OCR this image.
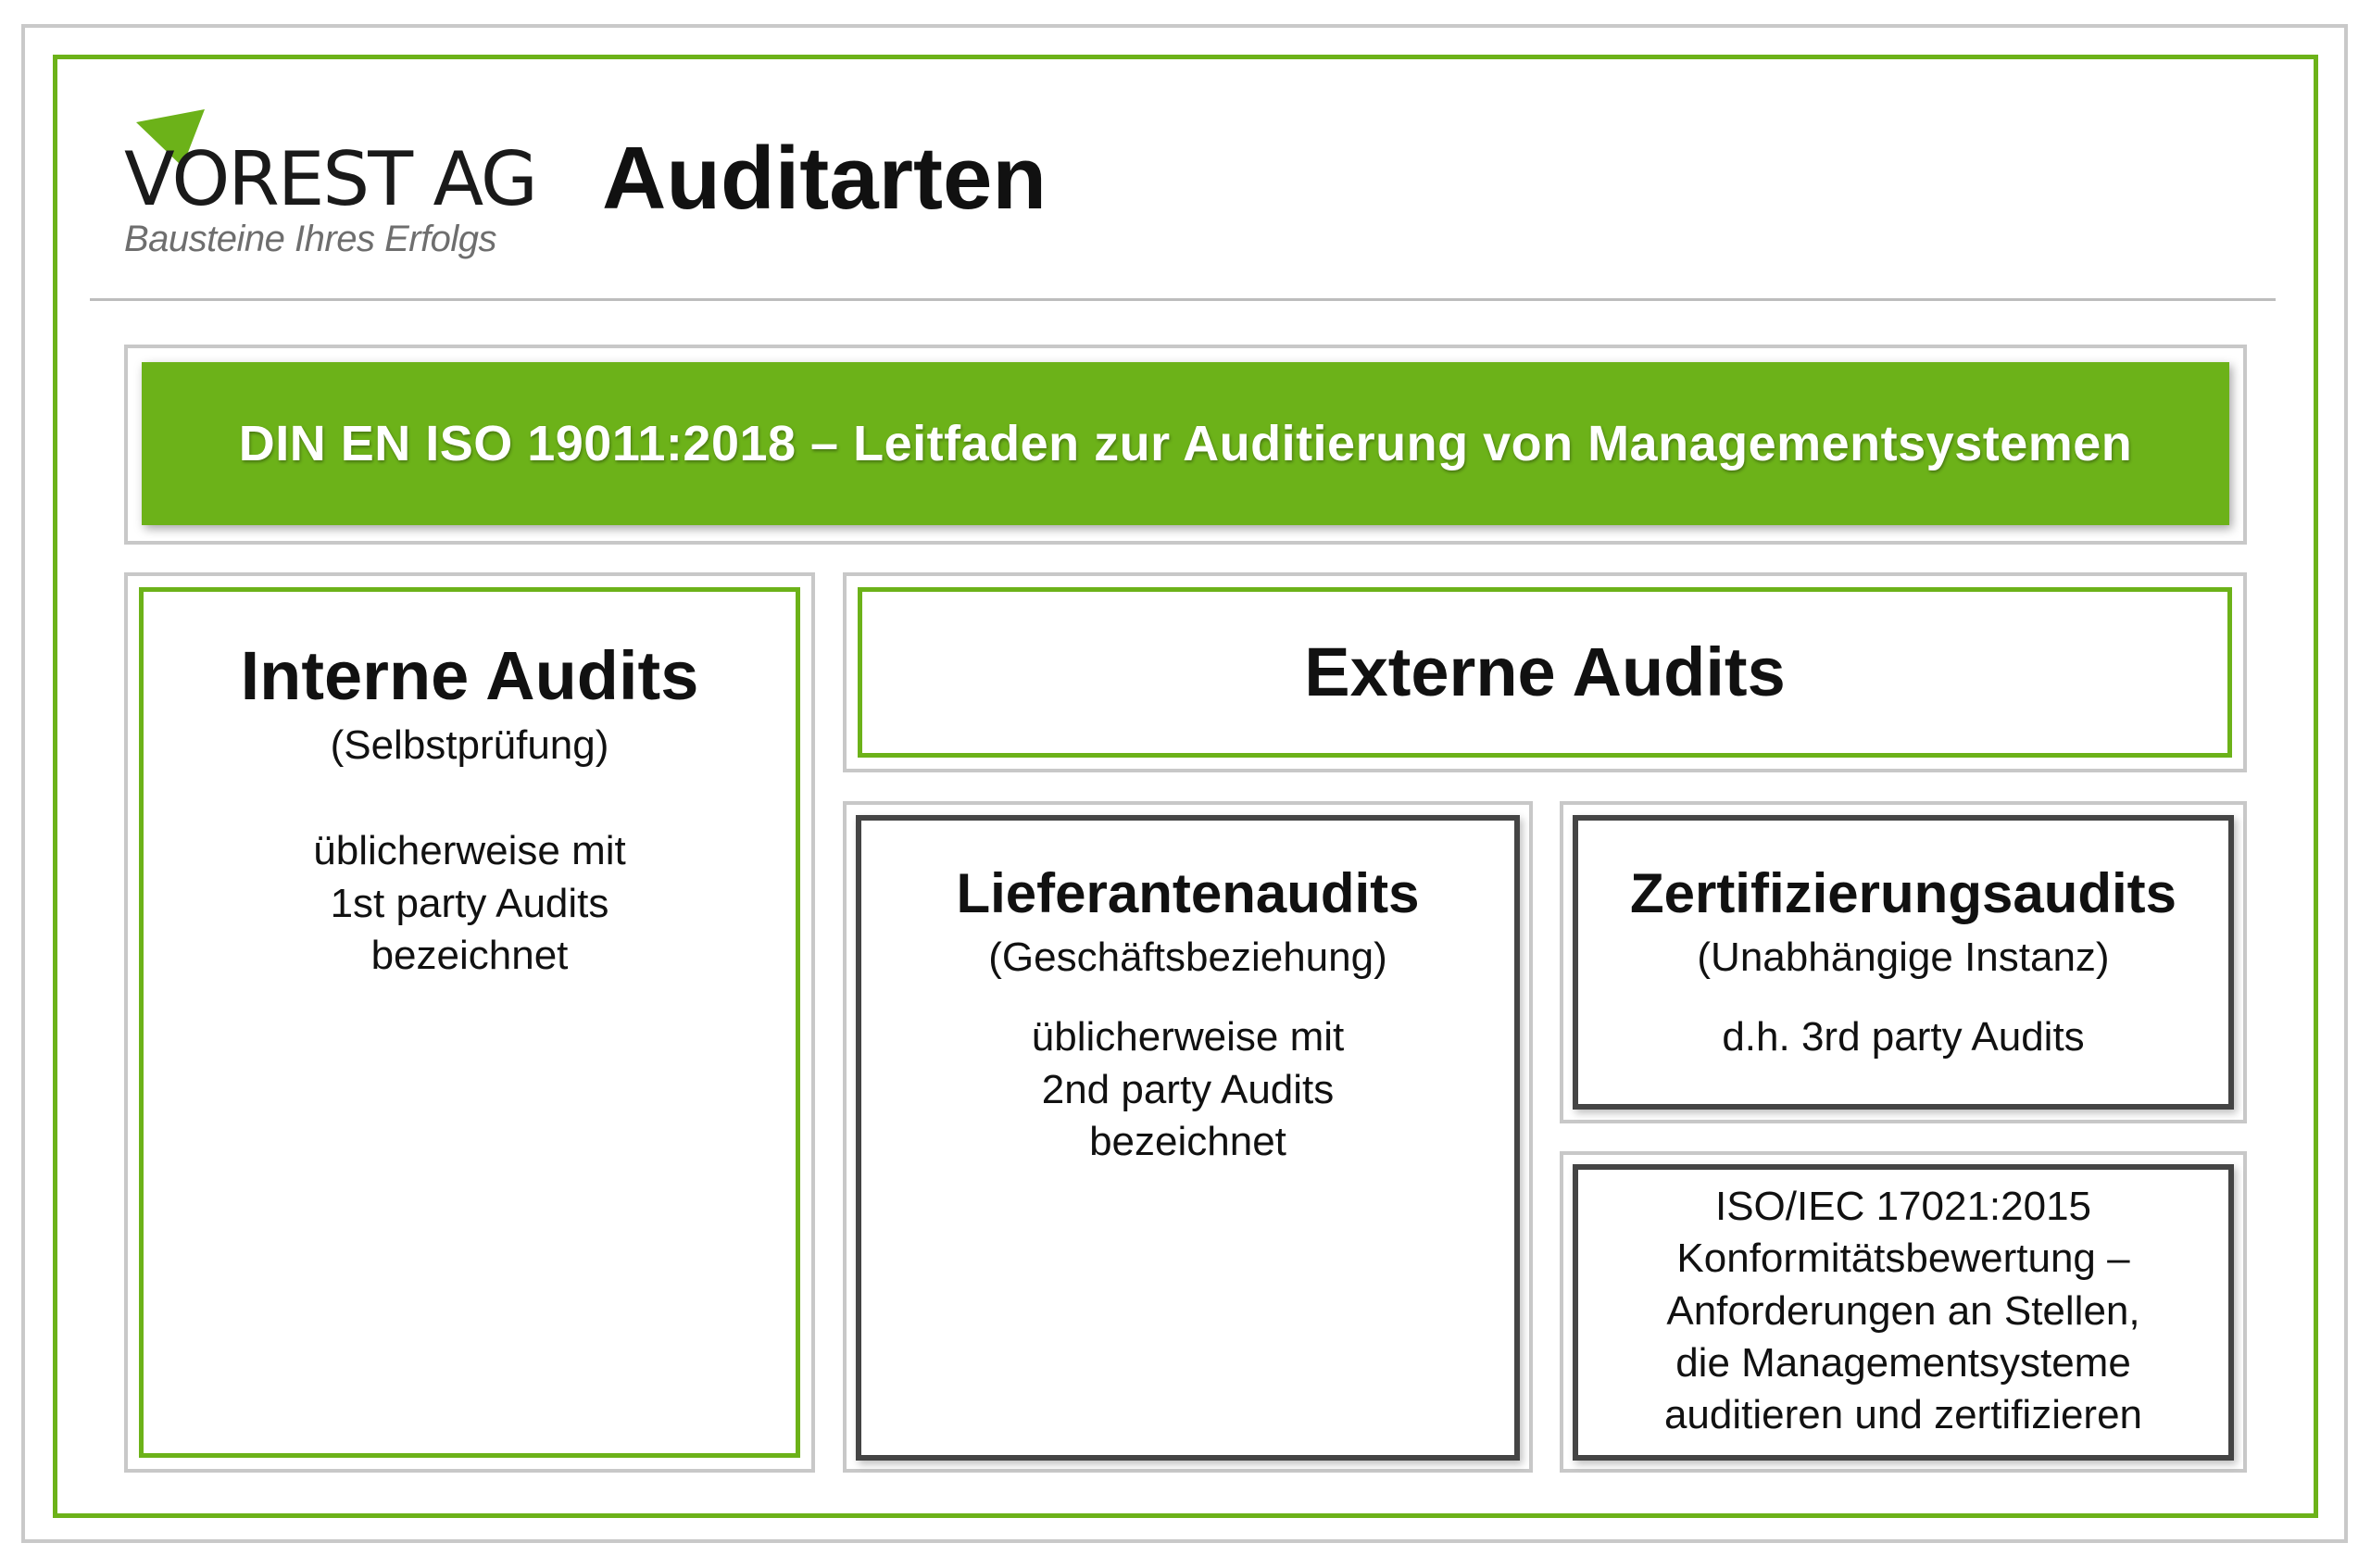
VOREST AG
Bausteine Ihres Erfolgs
Auditarten
DIN EN ISO 19011:2018 – Leitfaden zur Auditierung von Managementsystemen
Interne Audits
(Selbstprüfung)
üblicherweise mit
1st party Audits
bezeichnet
Externe Audits
Lieferantenaudits
(Geschäftsbeziehung)
üblicherweise mit
2nd party Audits
bezeichnet
Zertifizierungsaudits
(Unabhängige Instanz)
d.h. 3rd party Audits
ISO/IEC 17021:2015
Konformitätsbewertung –
Anforderungen an Stellen,
die Managementsysteme
auditieren und zertifizieren
